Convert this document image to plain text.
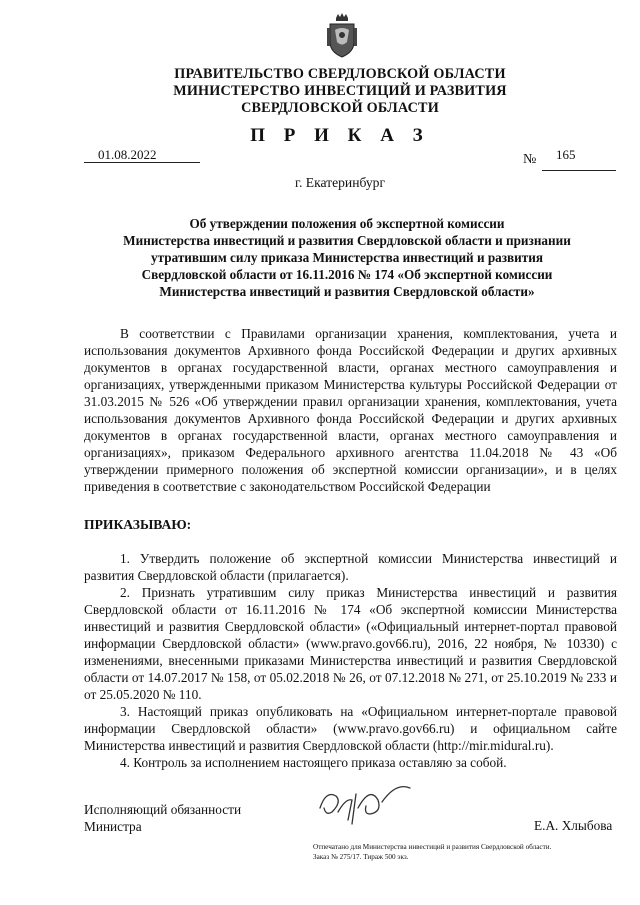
ПРАВИТЕЛЬСТВО СВЕРДЛОВСКОЙ ОБЛАСТИ
МИНИСТЕРСТВО ИНВЕСТИЦИЙ И РАЗВИТИЯ
СВЕРДЛОВСКОЙ ОБЛАСТИ
П Р И К А З
01.08.2022	№ 165
г. Екатеринбург
Об утверждении положения об экспертной комиссии
Министерства инвестиций и развития Свердловской области и признании
утратившим силу приказа Министерства инвестиций и развития
Свердловской области от 16.11.2016 № 174 «Об экспертной комиссии
Министерства инвестиций и развития Свердловской области»
В соответствии с Правилами организации хранения, комплектования, учета и использования документов Архивного фонда Российской Федерации и других архивных документов в органах государственной власти, органах местного самоуправления и организациях, утвержденными приказом Министерства культуры Российской Федерации от 31.03.2015 № 526 «Об утверждении правил организации хранения, комплектования, учета использования документов Архивного фонда Российской Федерации и других архивных документов в органах государственной власти, органах местного самоуправления и организациях», приказом Федерального архивного агентства 11.04.2018 № 43 «Об утверждении примерного положения об экспертной комиссии организации», и в целях приведения в соответствие с законодательством Российской Федерации
ПРИКАЗЫВАЮ:
1. Утвердить положение об экспертной комиссии Министерства инвестиций и развития Свердловской области (прилагается).
2. Признать утратившим силу приказ Министерства инвестиций и развития Свердловской области от 16.11.2016 № 174 «Об экспертной комиссии Министерства инвестиций и развития Свердловской области» («Официальный интернет-портал правовой информации Свердловской области» (www.pravo.gov66.ru), 2016, 22 ноября, № 10330) с изменениями, внесенными приказами Министерства инвестиций и развития Свердловской области от 14.07.2017 № 158, от 05.02.2018 № 26, от 07.12.2018 № 271, от 25.10.2019 № 233 и от 25.05.2020 № 110.
3. Настоящий приказ опубликовать на «Официальном интернет-портале правовой информации Свердловской области» (www.pravo.gov66.ru) и официальном сайте Министерства инвестиций и развития Свердловской области (http://mir.midural.ru).
4. Контроль за исполнением настоящего приказа оставляю за собой.
Исполняющий обязанности
Министра	Е.А. Хлыбова
Отпечатано для Министерства инвестиций и развития Свердловской области.
Заказ № 275/17. Тираж 500 экз.
